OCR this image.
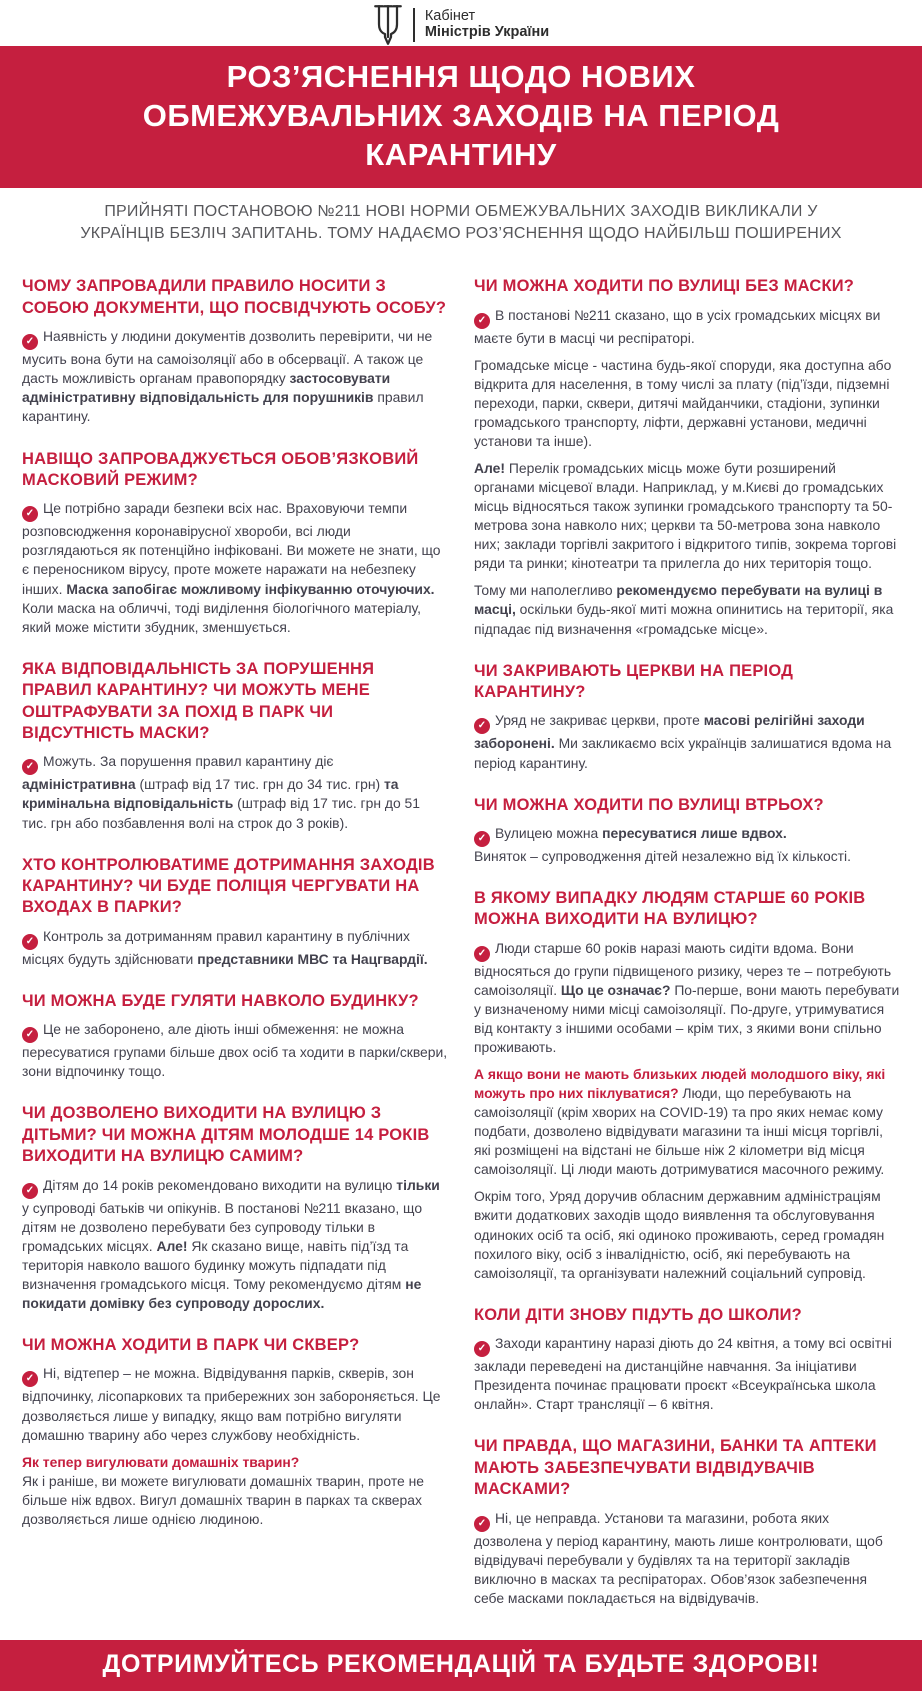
Кабінет
Міністрів України
РОЗ’ЯСНЕННЯ ЩОДО НОВИХ ОБМЕЖУВАЛЬНИХ ЗАХОДІВ НА ПЕРІОД КАРАНТИНУ

ПРИЙНЯТІ ПОСТАНОВОЮ №211 НОВІ НОРМИ ОБМЕЖУВАЛЬНИХ ЗАХОДІВ ВИКЛИКАЛИ У УКРАЇНЦІВ БЕЗЛІЧ ЗАПИТАНЬ. ТОМУ НАДАЄМО РОЗ’ЯСНЕННЯ ЩОДО НАЙБІЛЬШ ПОШИРЕНИХ

ЧОМУ ЗАПРОВАДИЛИ ПРАВИЛО НОСИТИ З СОБОЮ ДОКУМЕНТИ, ЩО ПОСВІДЧУЮТЬ ОСОБУ?

✓ Наявність у людини документів дозволить перевірити, чи не мусить вона бути на самоізоляції або в обсервації. А також це дасть можливість органам правопорядку застосовувати адміністративну відповідальність для порушників правил карантину.

НАВІЩО ЗАПРОВАДЖУЄТЬСЯ ОБОВ’ЯЗКОВИЙ МАСКОВИЙ РЕЖИМ?

✓ Це потрібно заради безпеки всіх нас. Враховуючи темпи розповсюдження коронавірусної хвороби, всі люди розглядаються як потенційно інфіковані. Ви можете не знати, що є переносником вірусу, проте можете наражати на небезпеку інших. Маска запобігає можливому інфікуванню оточуючих. Коли маска на обличчі, тоді виділення біологічного матеріалу, який може містити збудник, зменшується.

ЯКА ВІДПОВІДАЛЬНІСТЬ ЗА ПОРУШЕННЯ ПРАВИЛ КАРАНТИНУ? ЧИ МОЖУТЬ МЕНЕ ОШТРАФУВАТИ ЗА ПОХІД В ПАРК ЧИ ВІДСУТНІСТЬ МАСКИ?

✓ Можуть. За порушення правил карантину діє адміністративна (штраф від 17 тис. грн до 34 тис. грн) та кримінальна відповідальність (штраф від 17 тис. грн до 51 тис. грн або позбавлення волі на строк до 3 років).

ХТО КОНТРОЛЮВАТИМЕ ДОТРИМАННЯ ЗАХОДІВ КАРАНТИНУ? ЧИ БУДЕ ПОЛІЦІЯ ЧЕРГУВАТИ НА ВХОДАХ В ПАРКИ?

✓ Контроль за дотриманням правил карантину в публічних місцях будуть здійснювати представники МВС та Нацгвардії.

ЧИ МОЖНА БУДЕ ГУЛЯТИ НАВКОЛО БУДИНКУ?

✓ Це не заборонено, але діють інші обмеження: не можна пересуватися групами більше двох осіб та ходити в парки/сквери, зони відпочинку тощо.

ЧИ ДОЗВОЛЕНО ВИХОДИТИ НА ВУЛИЦЮ З ДІТЬМИ? ЧИ МОЖНА ДІТЯМ МОЛОДШЕ 14 РОКІВ ВИХОДИТИ НА ВУЛИЦЮ САМИМ?

✓ Дітям до 14 років рекомендовано виходити на вулицю тільки у супроводі батьків чи опікунів. В постанові №211 вказано, що дітям не дозволено перебувати без супроводу тільки в громадських місцях. Але! Як сказано вище, навіть під’їзд та територія навколо вашого будинку можуть підпадати під визначення громадського місця. Тому рекомендуємо дітям не покидати домівку без супроводу дорослих.

ЧИ МОЖНА ХОДИТИ В ПАРК ЧИ СКВЕР?

✓ Ні, відтепер – не можна. Відвідування парків, скверів, зон відпочинку, лісопаркових та прибережних зон забороняється. Це дозволяється лише у випадку, якщо вам потрібно вигуляти домашню тварину або через службову необхідність.

Як тепер вигулювати домашніх тварин?
Як і раніше, ви можете вигулювати домашніх тварин, проте не більше ніж вдвох. Вигул домашніх тварин в парках та скверах дозволяється лише однією людиною.

ЧИ МОЖНА ХОДИТИ ПО ВУЛИЦІ БЕЗ МАСКИ?

✓ В постанові №211 сказано, що в усіх громадських місцях ви маєте бути в масці чи респіраторі.

Громадське місце - частина будь-якої споруди, яка доступна або відкрита для населення, в тому числі за плату (під’їзди, підземні переходи, парки, сквери, дитячі майданчики, стадіони, зупинки громадського транспорту, ліфти, державні установи, медичні установи та інше).

Але! Перелік громадських місць може бути розширений органами місцевої влади. Наприклад, у м.Києві до громадських місць відносяться також зупинки громадського транспорту та 50-метрова зона навколо них; церкви та 50-метрова зона навколо них; заклади торгівлі закритого і відкритого типів, зокрема торгові ряди та ринки; кінотеатри та прилегла до них територія тощо.

Тому ми наполегливо рекомендуємо перебувати на вулиці в масці, оскільки будь-якої миті можна опинитись на території, яка підпадає під визначення «громадське місце».

ЧИ ЗАКРИВАЮТЬ ЦЕРКВИ НА ПЕРІОД КАРАНТИНУ?

✓ Уряд не закриває церкви, проте масові релігійні заходи заборонені. Ми закликаємо всіх українців залишатися вдома на період карантину.

ЧИ МОЖНА ХОДИТИ ПО ВУЛИЦІ ВТРЬОХ?

✓ Вулицею можна пересуватися лише вдвох.
Виняток – супроводження дітей незалежно від їх кількості.

В ЯКОМУ ВИПАДКУ ЛЮДЯМ СТАРШЕ 60 РОКІВ МОЖНА ВИХОДИТИ НА ВУЛИЦЮ?

✓ Люди старше 60 років наразі мають сидіти вдома. Вони відносяться до групи підвищеного ризику, через те – потребують самоізоляції. Що це означає? По-перше, вони мають перебувати у визначеному ними місці самоізоляції. По-друге, утримуватися від контакту з іншими особами – крім тих, з якими вони спільно проживають.

А якщо вони не мають близьких людей молодшого віку, які можуть про них піклуватися? Люди, що перебувають на самоізоляції (крім хворих на COVID-19) та про яких немає кому подбати, дозволено відвідувати магазини та інші місця торгівлі, які розміщені на відстані не більше ніж 2 кілометри від місця самоізоляції. Ці люди мають дотримуватися масочного режиму.

Окрім того, Уряд доручив обласним державним адміністраціям вжити додаткових заходів щодо виявлення та обслуговування одиноких осіб та осіб, які одиноко проживають, серед громадян похилого віку, осіб з інвалідністю, осіб, які перебувають на самоізоляції, та організувати належний соціальний супровід.

КОЛИ ДІТИ ЗНОВУ ПІДУТЬ ДО ШКОЛИ?

✓ Заходи карантину наразі діють до 24 квітня, а тому всі освітні заклади переведені на дистанційне навчання. За ініціативи Президента починає працювати проєкт «Всеукраїнська школа онлайн». Старт трансляції – 6 квітня.

ЧИ ПРАВДА, ЩО МАГАЗИНИ, БАНКИ ТА АПТЕКИ МАЮТЬ ЗАБЕЗПЕЧУВАТИ ВІДВІДУВАЧІВ МАСКАМИ?

✓ Ні, це неправда. Установи та магазини, робота яких дозволена у період карантину, мають лише контролювати, щоб відвідувачі перебували у будівлях та на території закладів виключно в масках та респіраторах. Обов’язок забезпечення себе масками покладається на відвідувачів.

ДОТРИМУЙТЕСЬ РЕКОМЕНДАЦІЙ ТА БУДЬТЕ ЗДОРОВІ!
